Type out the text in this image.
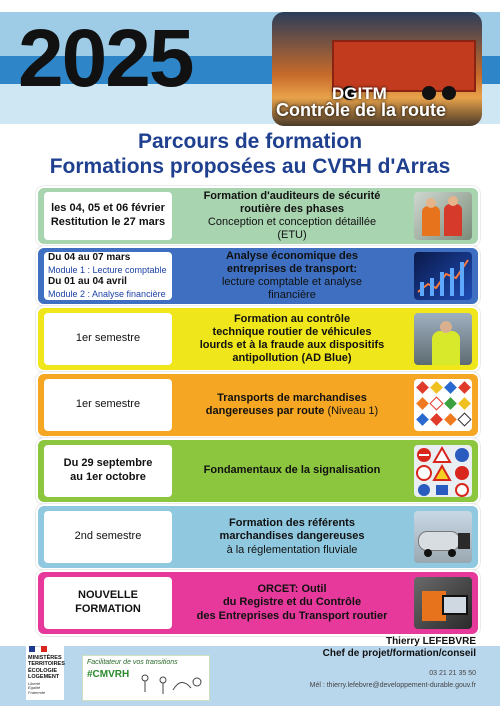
2025	DGITM
Contrôle de la route
Parcours de formation
Formations proposées au CVRH d'Arras
les 04, 05 et 06 février
Restitution le 27 mars
Formation d'auditeurs de sécurité
routière des phases
Conception et conception détaillée
(ETU)
Du 04 au 07 mars
Module 1 : Lecture comptable
Du 01 au 04 avril
Module 2 : Analyse financière
Analyse économique des
entreprises de transport:
lecture comptable et analyse
financière
1er semestre
Formation au contrôle
technique routier de véhicules
lourds et à la fraude aux dispositifs
antipollution (AD Blue)
1er semestre
Transports de marchandises
dangereuses par route (Niveau 1)
Du 29 septembre
au 1er octobre
Fondamentaux de la signalisation
2nd semestre
Formation des référents
marchandises dangereuses
à la réglementation fluviale
NOUVELLE
FORMATION
ORCET: Outil
du Registre et du Contrôle
des Entreprises du Transport routier
MINISTÈRES
TERRITOIRES
ÉCOLOGIE
LOGEMENT
Liberté
Égalité
Fraternité
Facilitateur de vos transitions
#CMVRH
Thierry LEFEBVRE
Chef de projet/formation/conseil
03 21 21 35 50
Mél : thierry.lefebvre@developpement-durable.gouv.fr
